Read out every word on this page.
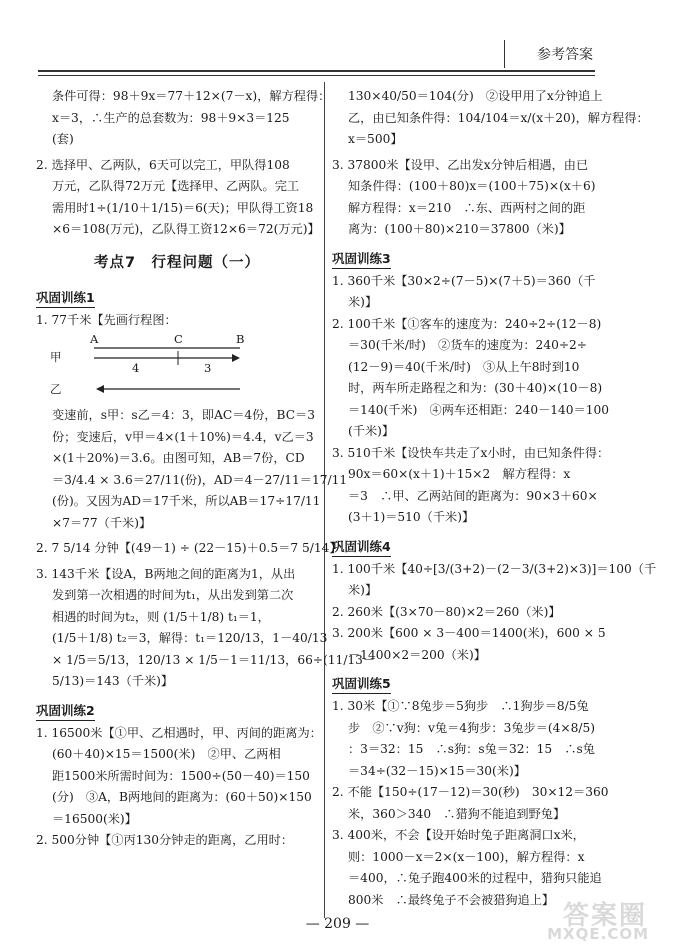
参考答案

条件可得：98＋9x＝77＋12×(7－x)，解方程得：

x＝3，∴生产的总套数为：98＋9×3＝125

(套)

2. 选择甲、乙两队，6天可以完工，甲队得108

万元，乙队得72万元【选择甲、乙两队。完工

需用时1÷(1/10＋1/15)＝6(天)；甲队得工资18

×6＝108(万元)，乙队得工资12×6＝72(万元)】

考点7　行程问题（一）
巩固训练1

1. 77千米【先画行程图：

A	C	B
甲
4	3
乙

变速前，s甲：s乙＝4：3，即AC＝4份，BC＝3

份；变速后，v甲＝4×(1＋10%)＝4.4，v乙＝3

×(1＋20%)＝3.6。由图可知，AB＝7份，CD

＝3/4.4 × 3.6＝27/11(份)，AD＝4－27/11＝17/11

(份)。又因为AD＝17千米，所以AB＝17÷17/11

×7＝77（千米)】

2. 7 5/14 分钟【(49－1) ÷ (22－15)＋0.5＝7 5/14】

3. 143千米【设A，B两地之间的距离为1，从出

发到第一次相遇的时间为t₁，从出发到第二次

相遇的时间为t₂，则 (1/5＋1/8) t₁＝1，

(1/5＋1/8) t₂＝3，解得：t₁＝120/13，1－40/13

× 1/5＝5/13，120/13 × 1/5－1＝11/13，66÷(11/13－

5/13)＝143（千米)】

巩固训练2

1. 16500米【①甲、乙相遇时，甲、丙间的距离为：

(60＋40)×15＝1500(米)　②甲、乙两相

距1500米所需时间为：1500÷(50－40)＝150

(分)　③A，B两地间的距离为：(60＋50)×150

＝16500(米)】

2. 500分钟【①丙130分钟走的距离，乙用时：

130×40/50＝104(分)　②设甲用了x分钟追上

乙，由已知条件得：104/104＝x/(x＋20)，解方程得：

x＝500】

3. 37800米【设甲、乙出发x分钟后相遇，由已

知条件得：(100＋80)x＝(100＋75)×(x＋6)

解方程得：x＝210　∴东、西两村之间的距

离为：(100＋80)×210＝37800（米)】

巩固训练3

1. 360千米【30×2÷(7－5)×(7＋5)＝360（千

米)】

2. 100千米【①客车的速度为：240÷2÷(12－8)

＝30(千米/时)　②货车的速度为：240÷2÷

(12－9)＝40(千米/时)　③从上午8时到10

时，两车所走路程之和为：(30＋40)×(10－8)

＝140(千米)　④两车还相距：240－140＝100

(千米)】

3. 510千米【设快车共走了x小时，由已知条件得：

90x＝60×(x＋1)＋15×2　解方程得：x

＝3　∴甲、乙两站间的距离为：90×3＋60×

(3＋1)＝510（千米)】

巩固训练4

1. 100千米【40÷[3/(3+2)－(2－3/(3+2)×3)]＝100（千

米)】

2. 260米【(3×70－80)×2＝260（米)】

3. 200米【600 × 3－400＝1400(米)，600 × 5

－1400×2＝200（米)】

巩固训练5

1. 30米【①∵8兔步＝5狗步　∴1狗步＝8/5兔

步　②∵v狗：v兔＝4狗步：3兔步＝(4×8/5)

：3＝32：15　∴s狗：s兔＝32：15　∴s兔

＝34÷(32－15)×15＝30(米)】

2. 不能【150÷(17－12)＝30(秒)　30×12＝360

米，360＞340　∴猎狗不能追到野兔】

3. 400米，不会【设开始时兔子距离洞口x米，

则：1000－x＝2×(x－100)，解方程得：x

＝400，∴兔子跑400米的过程中，猎狗只能追

800米　∴最终兔子不会被猎狗追上】

— 209 —	答案圈
MXQE.COM
